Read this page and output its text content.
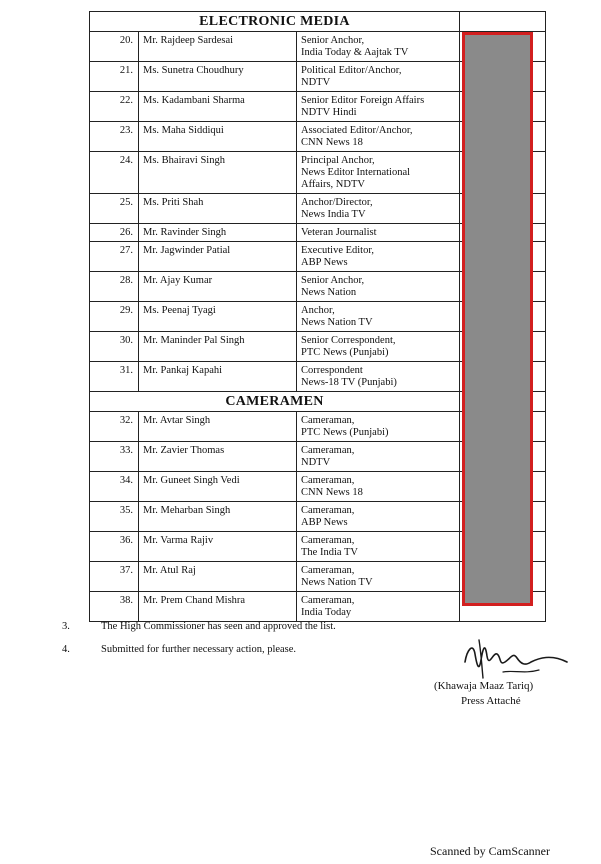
ELECTRONIC MEDIA			
20.	Mr. Rajdeep Sardesai	Senior Anchor,
India Today & Aajtak TV	

21.	Ms. Sunetra Choudhury	Political Editor/Anchor,
NDTV	

22.	Ms. Kadambani Sharma	Senior Editor Foreign Affairs
NDTV Hindi	

23.	Ms. Maha Siddiqui	Associated Editor/Anchor,
CNN News 18	

24.	Ms. Bhairavi Singh	Principal Anchor,
News Editor International
Affairs, NDTV	

25.	Ms. Priti Shah	Anchor/Director,
News India TV	

26.	Mr. Ravinder Singh	Veteran Journalist	

27.	Mr. Jagwinder Patial	Executive Editor,
ABP News	

28.	Mr. Ajay Kumar	Senior Anchor,
News Nation	

29.	Ms. Peenaj Tyagi	Anchor,
News Nation TV	

30.	Mr. Maninder Pal Singh	Senior Correspondent,
PTC News (Punjabi)	

31.	Mr. Pankaj Kapahi	Correspondent
News-18 TV (Punjabi)	

CAMERAMEN			
32.	Mr. Avtar Singh	Cameraman,
PTC News (Punjabi)	

33.	Mr. Zavier Thomas	Cameraman,
NDTV	

34.	Mr. Guneet Singh Vedi	Cameraman,
CNN News 18	

35.	Mr. Meharban Singh	Cameraman,
ABP News	

36.	Mr. Varma Rajiv	Cameraman,
The India TV	

37.	Mr. Atul Raj	Cameraman,
News Nation TV	

38.	Mr. Prem Chand Mishra	Cameraman,
India Today	

3.	The High Commissioner has seen and approved the list.
4.	Submitted for further necessary action, please.
(Khawaja Maaz Tariq)
Press Attaché
Scanned by CamScanner
